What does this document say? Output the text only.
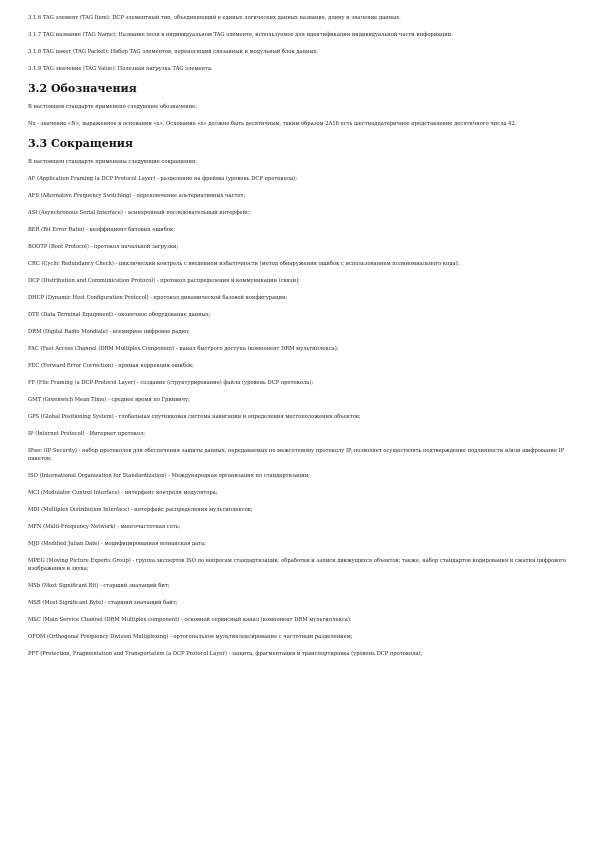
3.1.6 TAG элемент (TAG Item): DCP элементный тип, объединяющий в единых логических данных название, длину и значение данных.

3.1.7 TAG название (TAG Name): Название поля в индивидуальном TAG элементе, используемое для идентификации индивидуальной части информации.

3.1.8 TAG пакет (TAG Packet): Набор TAG элементов, переносящий связанный и модульный блок данных.

3.1.9 TAG значение (TAG Value): Полезная нагрузка TAG элемента.

3.2 Обозначения

В настоящем стандарте применено следующее обозначение:

Nx - значение «N», выраженное в основании «x». Основание «x» должно быть десятичным, таким образом 2A16 есть шестнадцатеричное представление десятичного числа 42.

3.3 Сокращения

В настоящем стандарте применены следующие сокращения:

AF (Application Framing (a DCP Protocol Layer) - разделение на фреймы (уровень DCP протокола);

AFS (Alternative Frequency Switching) - переключение альтернативных частот;

ASI (Asynchronous Serial Interface) - асинхронный последовательный интерфейс;

BER (Bit Error Ratio) - коэффициент битовых ошибок;

BOOTP (Boot Protocol) - протокол начальной загрузки;

CRC (Cyclic Redundancy Check) - циклический контроль с введением избыточности (метод обнаружения ошибок с использованием полиномиального кода);

DCP (Distribution and Communication Protocol) - протокол распределения и коммуникации (связи);

DHCP (Dynamic Host Configuration Protocol) - протокол динамической базовой конфигурации;

DTE (Data Terminal Equipment) - оконечное оборудование данных;

DRM (Digital Radio Mondiale) - всемирное цифровое радио;

FAC (Fast Access Channel (DRM Multiplex Component) - канал быстрого доступа (компонент DRM мультиплекса);

FEC (Forward Error Correction) - прямая коррекция ошибок;

FF (File Framing (a DCP Protocol Layer) - создание (структурирование) файла (уровень DCP протокола);

GMT (Greenwich Mean Time) - среднее время по Гринвичу;

GPS (Global Positioning System) - глобальная спутниковая система навигации и определения местоположения объектов;

IP (Internet Protocol) - Интернет протокол;

IPsec (IP Security) - набор протоколов для обеспечения защиты данных, передаваемых по межсетевому протоколу IP, позволяет осуществлять подтверждение подлинности и/или шифрование IP пакетов;

ISO (International Organization for Standardization) - Международная организация по стандартизации;

MCI (Modulator Control Interface) - интерфейс контроля модулятора;

MDI (Multiplex Distribution Interface) - интерфейс распределения мультиплексов;

MFN (Multi-Frequency Network) - многочастотная сеть;

MJD (Modified Julian Date) - модифицированная юлианская дата;

MPEG (Moving Picture Experts Group) - группа экспертов ISO по вопросам стандартизации, обработки и записи движущихся объектов; также, набор стандартов кодирования и сжатия цифрового изображения и звука;

MSb (Most Significant Bit) - старший значащий бит;

MSB (Most Significant Byte) - старший значащий байт;

MSC (Main Service Channel (DRM Multiplex component) - основной сервисный канал (компонент DRM мультиплекса);

OFDM (Orthogonal Frequency Division Multiplexing) - ортогональное мультиплексирование с частотным разделением;

PFT (Protection, Fragmentation and Transportation (a DCP Protocol Layer) - защита, фрагментация и транспортировка (уровень DCP протокола);
